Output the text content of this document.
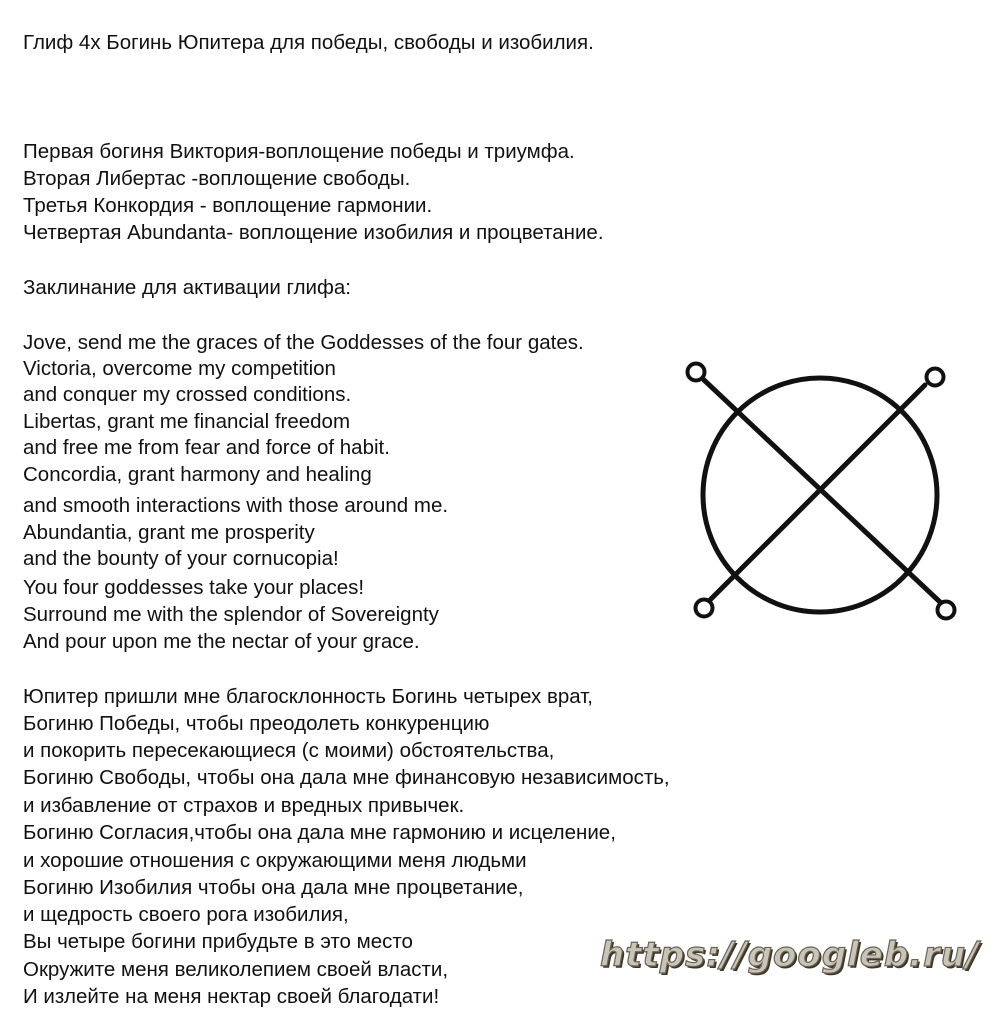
Глиф 4х Богинь Юпитера для победы, свободы и изобилия.
Первая богиня Виктория-воплощение победы и триумфа.
Вторая Либертас -воплощение свободы.
Третья Конкордия - воплощение гармонии.
Четвертая Abundanta- воплощение изобилия и процветание.
Заклинание для активации глифа:
Jove, send me the graces of the Goddesses of the four gates.
Victoria, overcome my competition
and conquer my crossed conditions.
Libertas, grant me financial freedom
and free me from fear and force of habit.
Concordia, grant harmony and healing
and smooth interactions with those around me.
Abundantia, grant me prosperity
and the bounty of your cornucopia!
You four goddesses take your places!
Surround me with the splendor of Sovereignty
And pour upon me the nectar of your grace.
Юпитер пришли мне благосклонность Богинь четырех врат,
Богиню Победы, чтобы преодолеть конкуренцию
и покорить пересекающиеся (с моими) обстоятельства,
Богиню Свободы, чтобы она дала мне финансовую независимость,
и избавление от страхов и вредных привычек.
Богиню Согласия,чтобы она дала мне гармонию и исцеление,
и хорошие отношения с окружающими меня людьми
Богиню Изобилия чтобы она дала мне процветание,
и щедрость своего рога изобилия,
Вы четыре богини прибудьте в это место
Окружите меня великолепием своей власти,
И излейте на меня нектар своей благодати!
https://googleb.ru/
